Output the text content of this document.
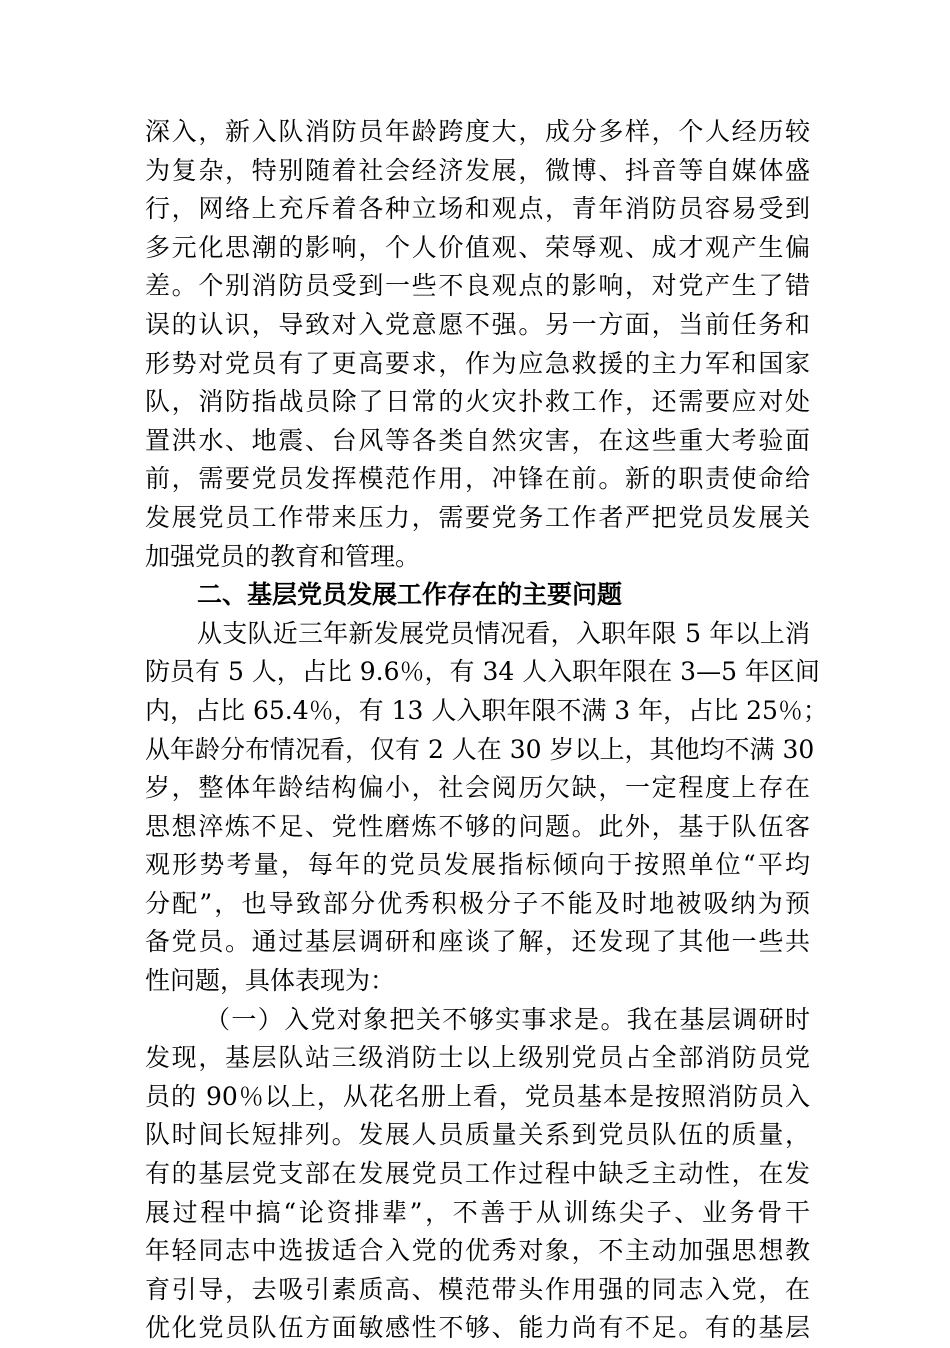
深入，新入队消防员年龄跨度大，成分多样，个人经历较
为复杂，特别随着社会经济发展，微博、抖音等自媒体盛
行，网络上充斥着各种立场和观点，青年消防员容易受到
多元化思潮的影响，个人价值观、荣辱观、成才观产生偏
差。个别消防员受到一些不良观点的影响，对党产生了错
误的认识，导致对入党意愿不强。另一方面，当前任务和
形势对党员有了更高要求，作为应急救援的主力军和国家
队，消防指战员除了日常的火灾扑救工作，还需要应对处
置洪水、地震、台风等各类自然灾害，在这些重大考验面
前，需要党员发挥模范作用，冲锋在前。新的职责使命给
发展党员工作带来压力，需要党务工作者严把党员发展关
加强党员的教育和管理。
二、基层党员发展工作存在的主要问题
从支队近三年新发展党员情况看，入职年限 5 年以上消
防员有 5 人，占比 9.6％，有 34 人入职年限在 3—5 年区间
内，占比 65.4％，有 13 人入职年限不满 3 年，占比 25％；
从年龄分布情况看，仅有 2 人在 30 岁以上，其他均不满 30
岁，整体年龄结构偏小，社会阅历欠缺，一定程度上存在
思想淬炼不足、党性磨炼不够的问题。此外，基于队伍客
观形势考量，每年的党员发展指标倾向于按照单位“平均
分配”，也导致部分优秀积极分子不能及时地被吸纳为预
备党员。通过基层调研和座谈了解，还发现了其他一些共
性问题，具体表现为：
（一）入党对象把关不够实事求是。我在基层调研时
发现，基层队站三级消防士以上级别党员占全部消防员党
员的 90％以上，从花名册上看，党员基本是按照消防员入
队时间长短排列。发展人员质量关系到党员队伍的质量，
有的基层党支部在发展党员工作过程中缺乏主动性，在发
展过程中搞“论资排辈”，不善于从训练尖子、业务骨干
年轻同志中选拔适合入党的优秀对象，不主动加强思想教
育引导，去吸引素质高、模范带头作用强的同志入党，在
优化党员队伍方面敏感性不够、能力尚有不足。有的基层
